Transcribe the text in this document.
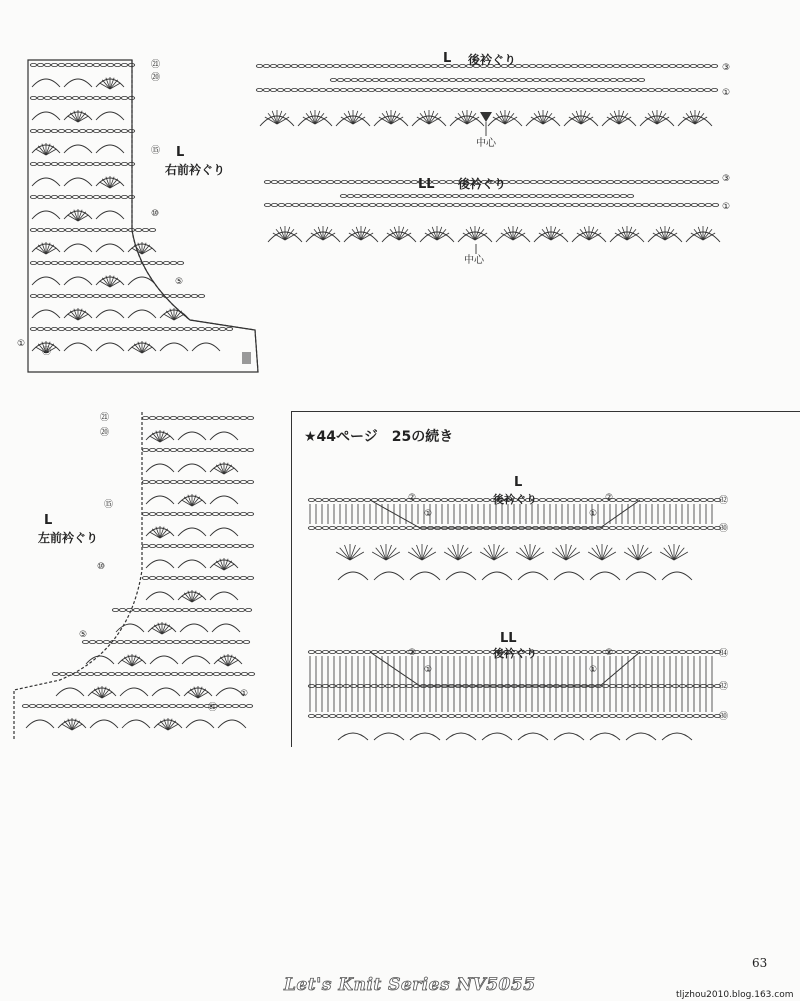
L
右前衿ぐり
㉑
⑳
⑮
⑩
⑤
①
㉑
L
左前衿ぐり
㉑
⑳
⑮
⑩
⑤
①
㉑
L 後衿ぐり
中心
③
①
LL 後衿ぐり
中心
③
①
★44ページ　25の続き
L
後衿ぐり
②
①
②
①
㉜
㉚
LL
後衿ぐり
②
①
②
①
㉞
㉜
㉚
63
Let's Knit Series NV5055	tljzhou2010.blog.163.com
